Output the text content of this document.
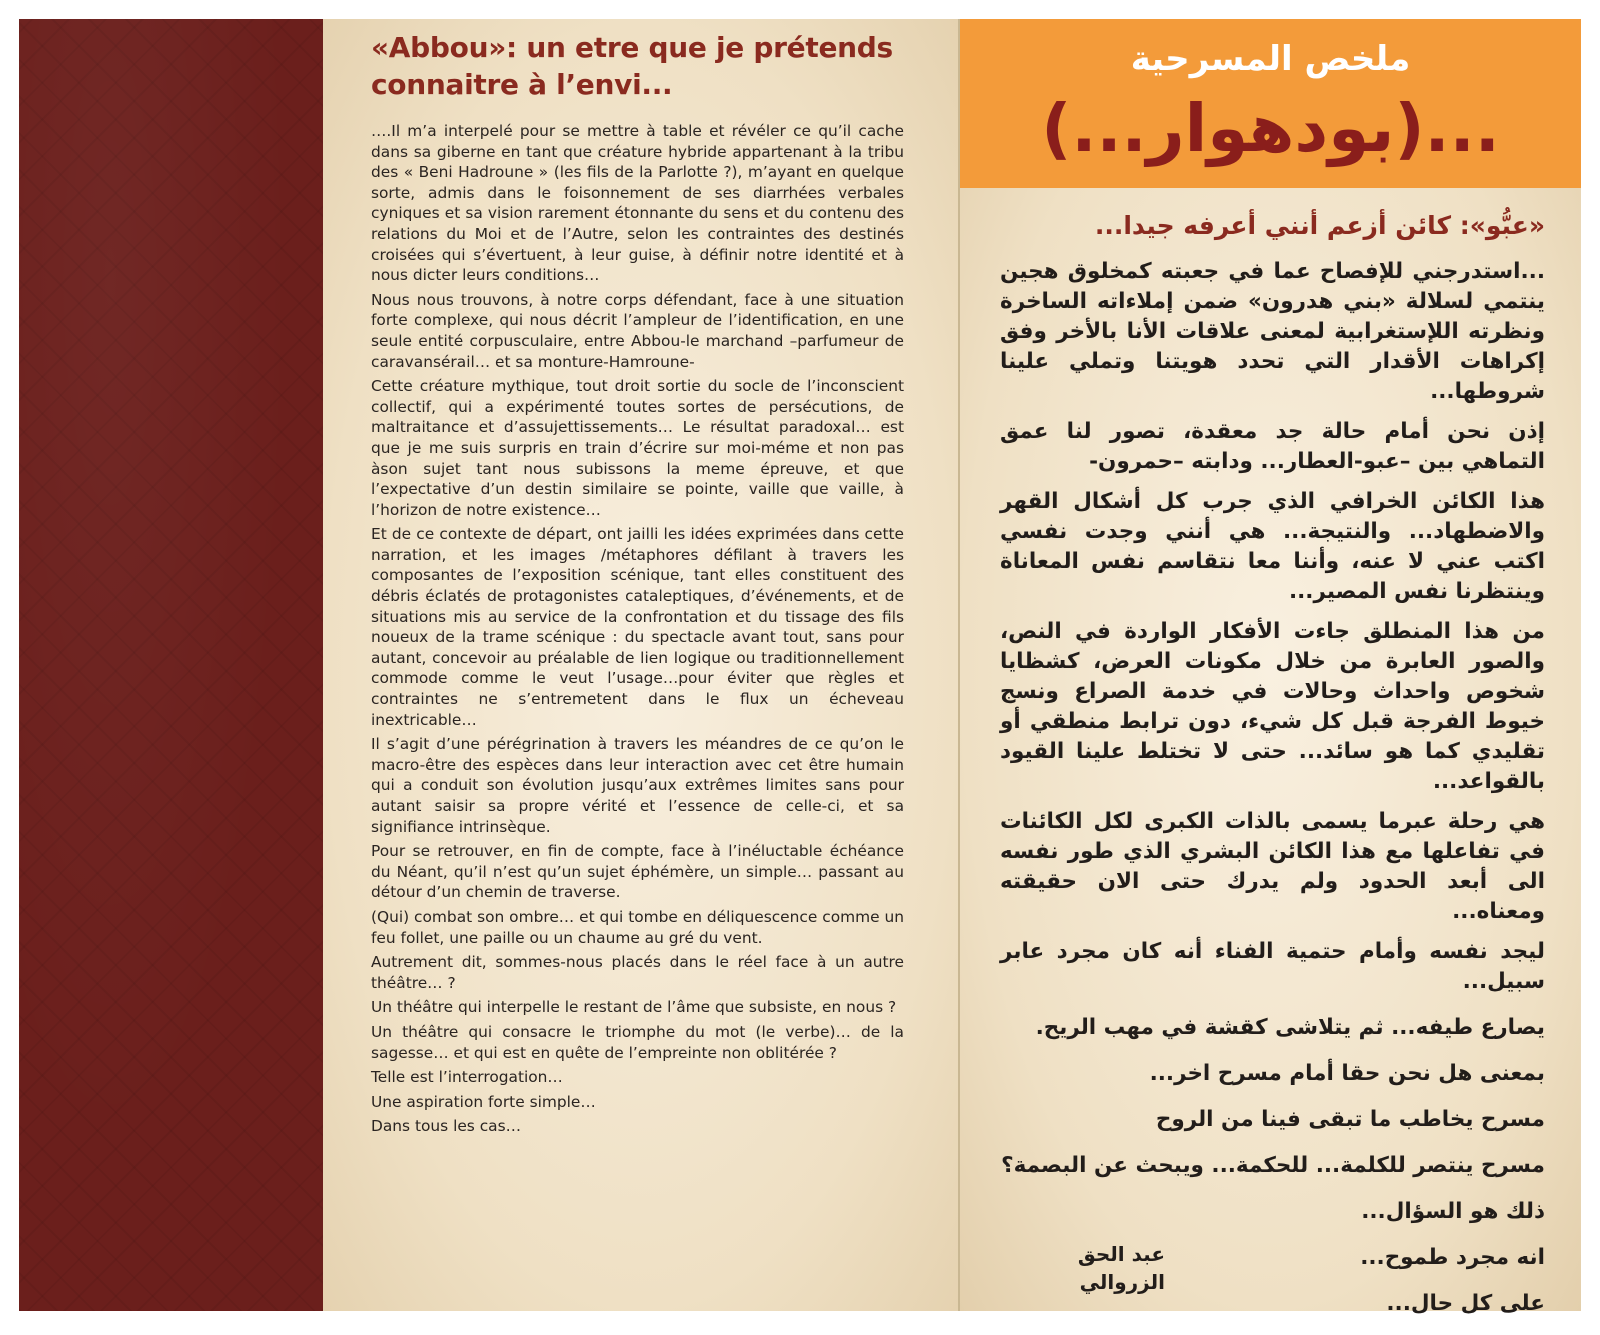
«Abbou»: un etre que je prétends
connaitre à l’envi...

….Il m’a interpelé pour se mettre à table et révéler ce qu’il cache dans sa giberne en tant que créature hybride appartenant à la tribu des « Beni Hadroune » (les fils de la Parlotte ?), m’ayant en quelque sorte, admis dans le foisonnement de ses diarrhées verbales cyniques et sa vision rarement étonnante du sens et du contenu des relations du Moi et de l’Autre, selon les contraintes des destinés croisées qui s’évertuent, à leur guise, à définir notre identité et à nous dicter leurs conditions…

Nous nous trouvons, à notre corps défendant, face à une situation forte complexe, qui nous décrit l’ampleur de l’identification, en une seule entité corpusculaire, entre Abbou-le marchand –parfumeur de caravansérail… et sa monture-Hamroune-

Cette créature mythique, tout droit sortie du socle de l’inconscient collectif, qui a expérimenté toutes sortes de persécutions, de maltraitance et d’assujettissements… Le résultat paradoxal… est que je me suis surpris en train d’écrire sur moi-méme et non pas àson sujet tant nous subissons la meme épreuve, et que l’expectative d’un destin similaire se pointe, vaille que vaille, à l’horizon de notre existence…

Et de ce contexte de départ, ont jailli les idées exprimées dans cette narration, et les images /métaphores défilant à travers les composantes de l’exposition scénique, tant elles constituent des débris éclatés de protagonistes cataleptiques, d’événements, et de situations mis au service de la confrontation et du tissage des fils noueux de la trame scénique : du spectacle avant tout, sans pour autant, concevoir au préalable de lien logique ou traditionnellement commode comme le veut l’usage…pour éviter que règles et contraintes ne s’entremetent dans le flux un écheveau inextricable…

Il s’agit d’une pérégrination à travers les méandres de ce qu’on le macro-être des espèces dans leur interaction avec cet être humain qui a conduit son évolution jusqu’aux extrêmes limites sans pour autant saisir sa propre vérité et l’essence de celle-ci, et sa signifiance intrinsèque.

Pour se retrouver, en fin de compte, face à l’inéluctable échéance du Néant, qu’il n’est qu’un sujet éphémère, un simple… passant au détour d’un chemin de traverse.

(Qui) combat son ombre… et qui tombe en déliquescence comme un feu follet, une paille ou un chaume au gré du vent.

Autrement dit, sommes-nous placés dans le réel face à un autre théâtre… ?

Un théâtre qui interpelle le restant de l’âme que subsiste, en nous ?

Un théâtre qui consacre le triomphe du mot (le verbe)… de la sagesse… et qui est en quête de l’empreinte non oblitérée ?

Telle est l’interrogation…

Une aspiration forte simple…

Dans tous les cas…

ملخص المسرحية
...(بودهوار...)
«عبُّو»: كائن أزعم أنني أعرفه جيدا...

...استدرجني للإفصاح عما في جعبته كمخلوق هجين ينتمي لسلالة «بني هدرون» ضمن إملاءاته الساخرة ونظرته اللإستغرابية لمعنى علاقات الأنا بالأخر وفق إكراهات الأقدار التي تحدد هويتنا وتملي علينا شروطها...

إذن نحن أمام حالة جد معقدة، تصور لنا عمق التماهي بين –عبو-العطار... ودابته –حمرون-

هذا الكائن الخرافي الذي جرب كل أشكال القهر والاضطهاد... والنتيجة... هي أنني وجدت نفسي اكتب عني لا عنه، وأننا معا نتقاسم نفس المعاناة وينتظرنا نفس المصير...

من هذا المنطلق جاءت الأفكار الواردة في النص، والصور العابرة من خلال مكونات العرض، كشظايا شخوص واحداث وحالات في خدمة الصراع ونسج خيوط الفرجة قبل كل شيء، دون ترابط منطقي أو تقليدي كما هو سائد... حتى لا تختلط علينا القيود بالقواعد...

هي رحلة عبرما يسمى بالذات الكبرى لكل الكائنات في تفاعلها مع هذا الكائن البشري الذي طور نفسه الى أبعد الحدود ولم يدرك حتى الان حقيقته ومعناه...

ليجد نفسه وأمام حتمية الفناء أنه كان مجرد عابر سبيل...

يصارع طيفه... ثم يتلاشى كقشة في مهب الريح.

بمعنى هل نحن حقا أمام مسرح اخر...

مسرح يخاطب ما تبقى فينا من الروح

مسرح ينتصر للكلمة... للحكمة... ويبحث عن البصمة؟

ذلك هو السؤال...

انه مجرد طموح...

على كل حال...

عبد الحق الزروالي
